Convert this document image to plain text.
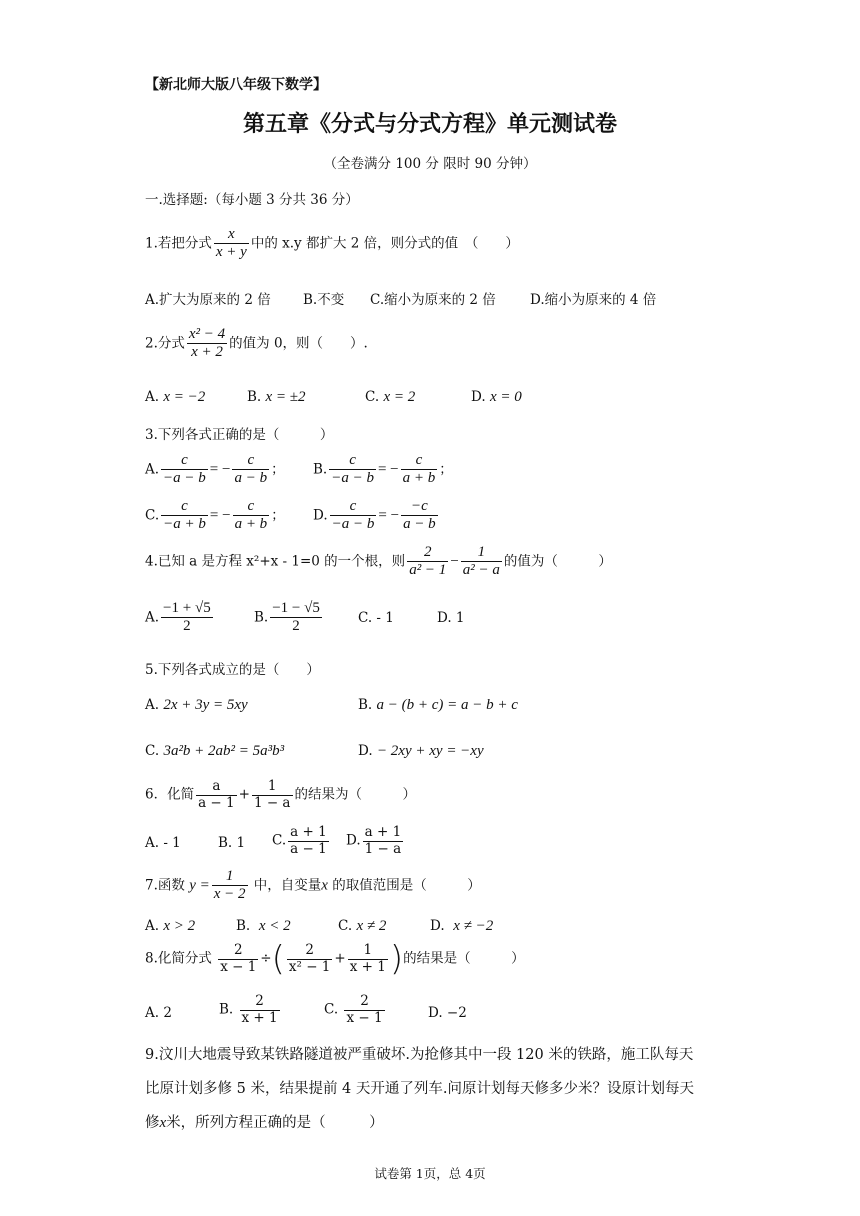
【新北师大版八年级下数学】
第五章《分式与分式方程》单元测试卷
（全卷满分 100 分 限时 90 分钟）
一.选择题:（每小题 3 分共 36 分）
1.若把分式 $\frac{x}{x + y}$ 中的 x.y 都扩大 2 倍，则分式的值　（　　）
A.扩大为原来的 2 倍 B.不变 C.缩小为原来的 2 倍	D.缩小为原来的 4 倍
2.分式 $\frac{\text{x² − 4}}{x + 2}$ 的值为 0，则（　　）.
A. x = −2	B. x = ±2	C. x = 2	D. x = 0
3.下列各式正确的是（　　　）
A. $\frac{c}{-a - b}$ = − $\frac{c}{a - b}$ ； B. $\frac{c}{-a - b}$ = − $\frac{c}{a + b}$ ；
C. $\frac{c}{-a + b}$ = − $\frac{c}{a + b}$ ； D. $\frac{c}{-a - b}$ = − $\frac{-c}{a - b}$
4.已知 a 是方程 x²+x - 1=0 的一个根，则 $\frac{2}{\text{a² − 1}} - \frac{1}{\text{a² − a}}$ 的值为（　　　）
A. $\frac{-1 + √5}{2}$	B. $\frac{-1 - √5}{2}$	C. - 1	D. 1
5.下列各式成立的是（　　）
A. 2x + 3y = 5xy	B. a − (b + c) = a − b + c
C. 3a²b + 2ab² = 5a³b³	D. − 2xy + xy = −xy
6．化简 $\frac{a}{a - 1} + \frac{1}{1 - a}$ 的结果为（　　　）
A. - 1	B. 1 C. $\frac{a + 1}{a - 1} D$. $\frac{a + 1}{1 - a}$
7.函数 $y = \frac{1}{x - 2}$ 中，自变量x 的取值范围是（　　　）
A. x > 2	B. x < 2	C. x ≠ 2	D. x ≠ −2
8.化简分式 $\frac{2}{x - 1}$ ÷( $\frac{2}{\text{x² − 1}} + \frac{1}{x + 1}$ )的结果是（　　　）
A. 2	B. $\frac{2}{x + 1}$	C. $\frac{2}{x - 1}$	D. −2
9.汶川大地震导致某铁路隧道被严重破坏.为抢修其中一段 120 米的铁路，施工队每天
比原计划多修 5 米，结果提前 4 天开通了列车.问原计划每天修多少米？设原计划每天
修x米，所列方程正确的是（　　　）
试卷第 1页，总 4页
